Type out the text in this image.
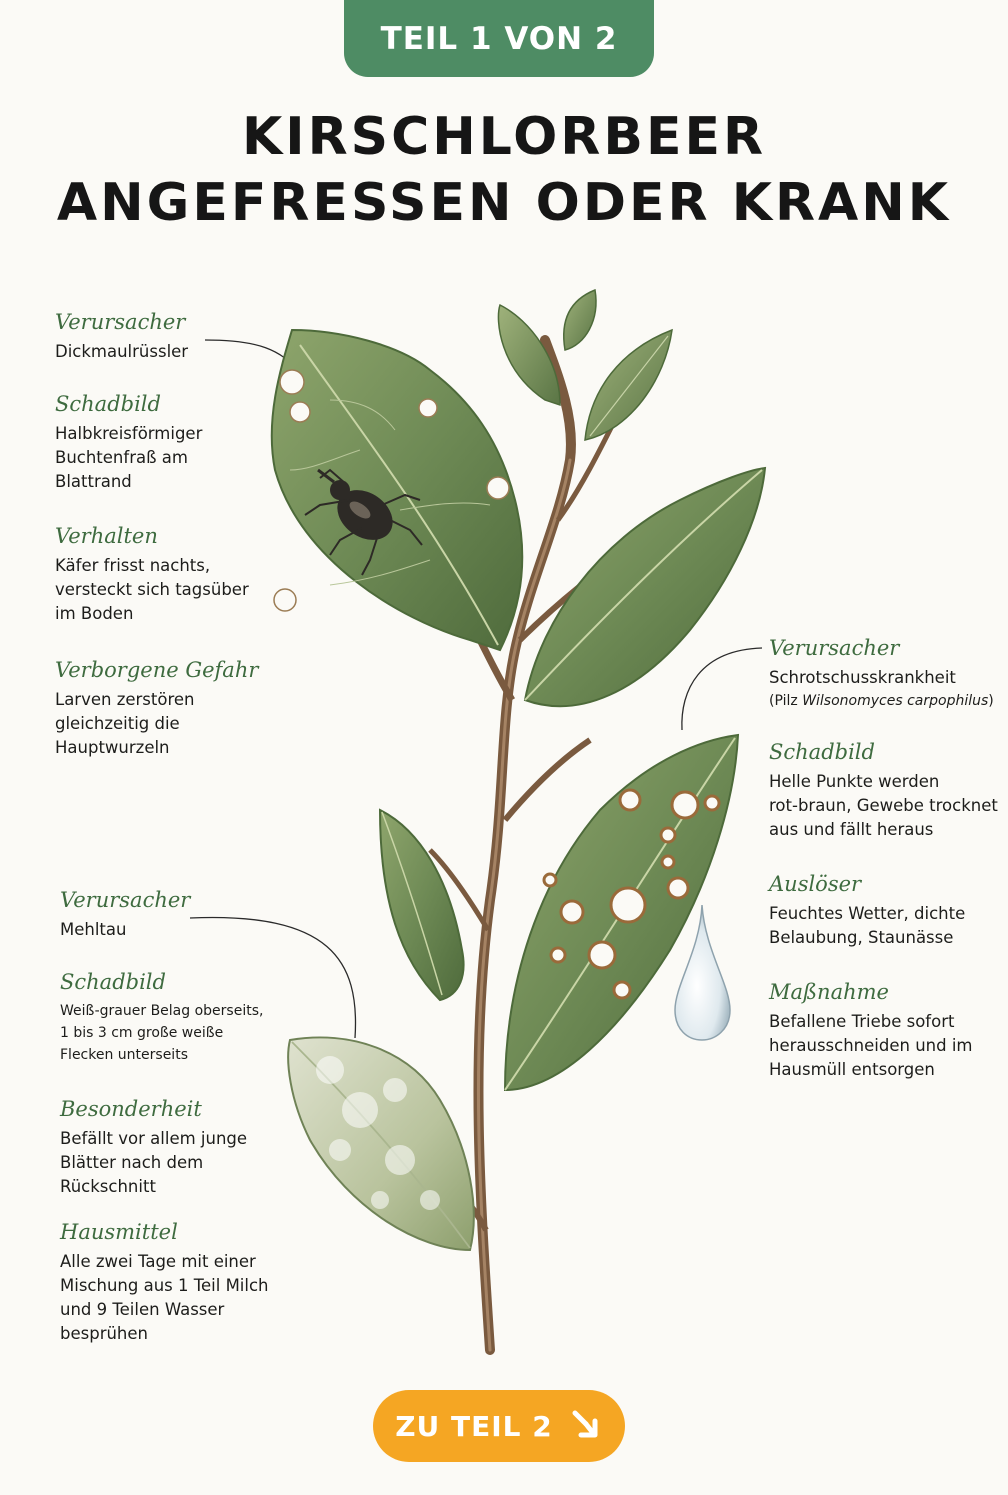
TEIL 1 VON 2
KIRSCHLORBEER
ANGEFRESSEN ODER KRANK

Verursacher

Dickmaulrüssler

Schadbild

Halbkreisförmiger

Buchtenfraß am

Blattrand

Verhalten

Käfer frisst nachts,

versteckt sich tagsüber

im Boden

Verborgene Gefahr

Larven zerstören

gleichzeitig die

Hauptwurzeln

Verursacher

Schrotschusskrankheit

(Pilz Wilsonomyces carpophilus)

Schadbild

Helle Punkte werden

rot-braun, Gewebe trocknet

aus und fällt heraus

Auslöser

Feuchtes Wetter, dichte

Belaubung, Staunässe

Maßnahme

Befallene Triebe sofort

herausschneiden und im

Hausmüll entsorgen

Verursacher

Mehltau

Schadbild

Weiß-grauer Belag oberseits,

1 bis 3 cm große weiße

Flecken unterseits

Besonderheit

Befällt vor allem junge

Blätter nach dem

Rückschnitt

Hausmittel

Alle zwei Tage mit einer

Mischung aus 1 Teil Milch

und 9 Teilen Wasser

besprühen

ZU TEIL 2
